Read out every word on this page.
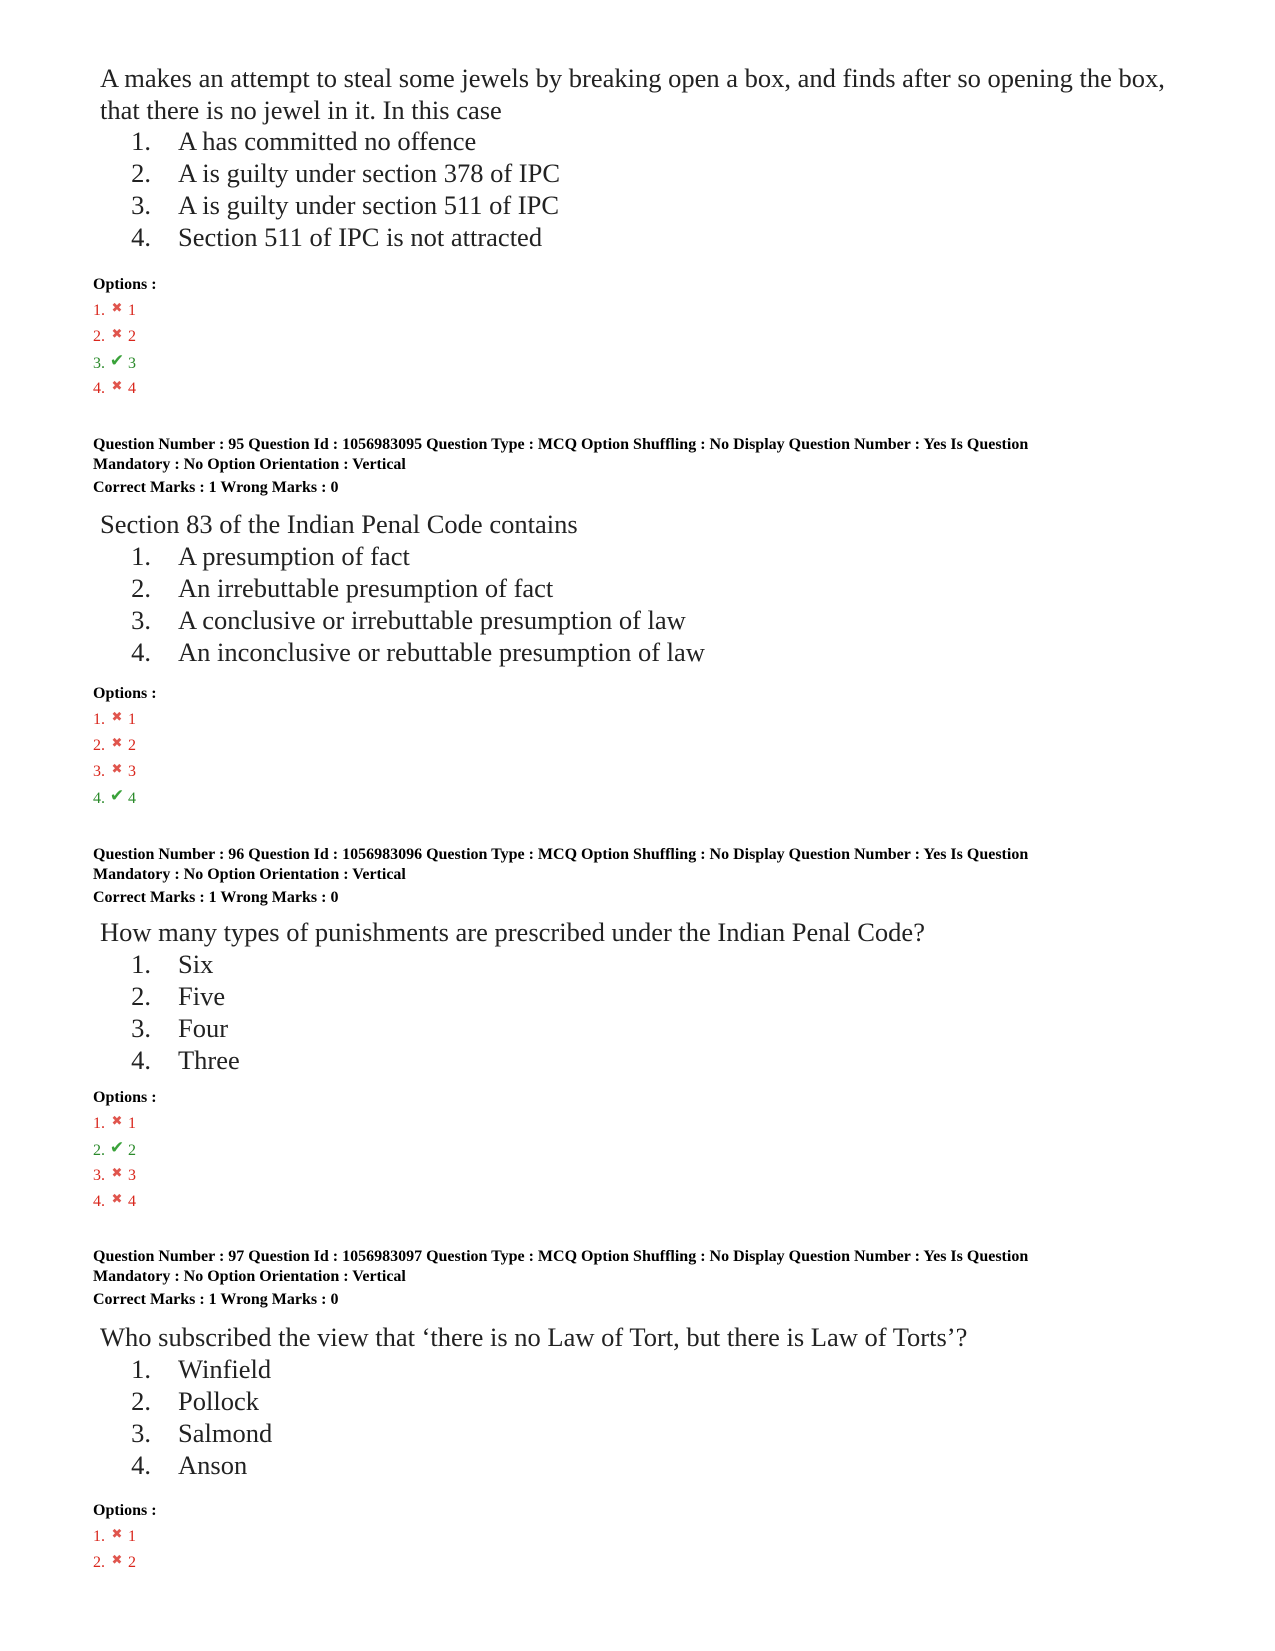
A makes an attempt to steal some jewels by breaking open a box, and finds after so opening the box, that there is no jewel in it. In this case
1. A has committed no offence
2. A is guilty under section 378 of IPC
3. A is guilty under section 511 of IPC
4. Section 511 of IPC is not attracted
Options :
1. ✖ 1
2. ✖ 2
3. ✔ 3
4. ✖ 4
Question Number : 95 Question Id : 1056983095 Question Type : MCQ Option Shuffling : No Display Question Number : Yes Is Question
Mandatory : No Option Orientation : Vertical
Correct Marks : 1 Wrong Marks : 0
Section 83 of the Indian Penal Code contains
1. A presumption of fact
2. An irrebuttable presumption of fact
3. A conclusive or irrebuttable presumption of law
4. An inconclusive or rebuttable presumption of law
Options :
1. ✖ 1
2. ✖ 2
3. ✖ 3
4. ✔ 4
Question Number : 96 Question Id : 1056983096 Question Type : MCQ Option Shuffling : No Display Question Number : Yes Is Question
Mandatory : No Option Orientation : Vertical
Correct Marks : 1 Wrong Marks : 0
How many types of punishments are prescribed under the Indian Penal Code?
1. Six
2. Five
3. Four
4. Three
Options :
1. ✖ 1
2. ✔ 2
3. ✖ 3
4. ✖ 4
Question Number : 97 Question Id : 1056983097 Question Type : MCQ Option Shuffling : No Display Question Number : Yes Is Question
Mandatory : No Option Orientation : Vertical
Correct Marks : 1 Wrong Marks : 0
Who subscribed the view that ‘there is no Law of Tort, but there is Law of Torts’?
1. Winfield
2. Pollock
3. Salmond
4. Anson
Options :
1. ✖ 1
2. ✖ 2
